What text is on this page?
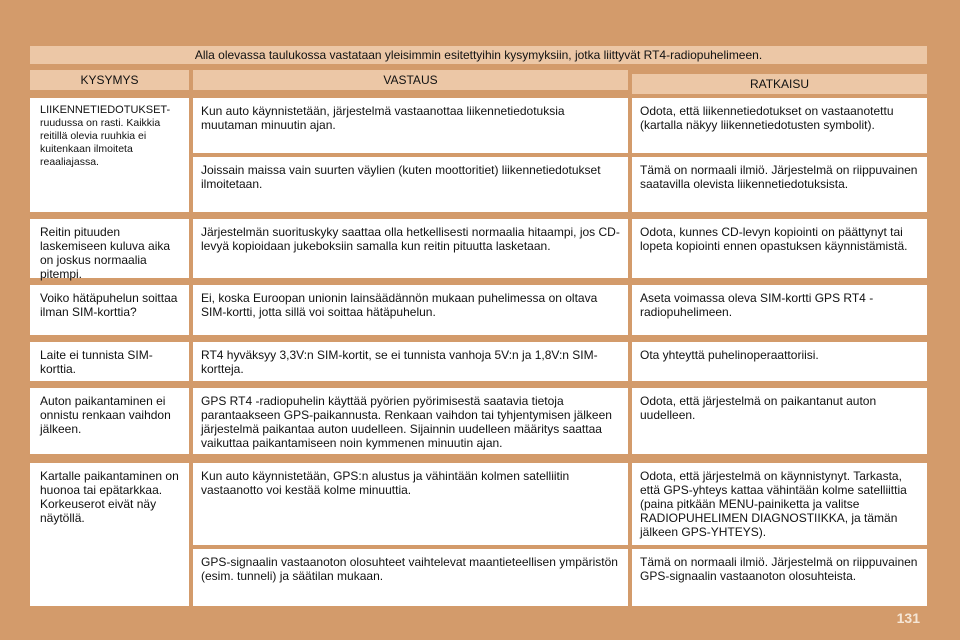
Alla olevassa taulukossa vastataan yleisimmin esitettyihin kysymyksiin, jotka liittyvät RT4-radiopuhelimeen.
KYSYMYS	VASTAUS	RATKAISU
LIIKENNETIEDOTUKSET-
ruudussa on rasti. Kaikkia reitillä olevia ruuhkia ei kuitenkaan ilmoiteta reaaliajassa.
Kun auto käynnistetään, järjestelmä vastaanottaa liikennetiedotuksia muutaman minuutin ajan.
Odota, että liikennetiedotukset on vastaanotettu (kartalla näkyy liikennetiedotusten symbolit).
Joissain maissa vain suurten väylien (kuten moottoritiet) liikennetiedotukset ilmoitetaan.
Tämä on normaali ilmiö. Järjestelmä on riippuvainen saatavilla olevista liikennetiedotuksista.
Reitin pituuden laskemiseen kuluva aika on joskus normaalia pitempi.
Järjestelmän suorituskyky saattaa olla hetkellisesti normaalia hitaampi, jos CD-levyä kopioidaan jukeboksiin samalla kun reitin pituutta lasketaan.
Odota, kunnes CD-levyn kopiointi on päättynyt tai lopeta kopiointi ennen opastuksen käynnistämistä.
Voiko hätäpuhelun soittaa ilman SIM-korttia?
Ei, koska Euroopan unionin lainsäädännön mukaan puhelimessa on oltava SIM-kortti, jotta sillä voi soittaa hätäpuhelun.
Aseta voimassa oleva SIM-kortti GPS RT4 -radiopuhelimeen.
Laite ei tunnista SIM-korttia.
RT4 hyväksyy 3,3V:n SIM-kortit, se ei tunnista vanhoja 5V:n ja 1,8V:n SIM-kortteja.
Ota yhteyttä puhelinoperaattoriisi.
Auton paikantaminen ei onnistu renkaan vaihdon jälkeen.
GPS RT4 -radiopuhelin käyttää pyörien pyörimisestä saatavia tietoja parantaakseen GPS-paikannusta. Renkaan vaihdon tai tyhjentymisen jälkeen järjestelmä paikantaa auton uudelleen. Sijainnin uudelleen määritys saattaa vaikuttaa paikantamiseen noin kymmenen minuutin ajan.
Odota, että järjestelmä on paikantanut auton uudelleen.
Kartalle paikantaminen on huonoa tai epätarkkaa. Korkeuserot eivät näy näytöllä.
Kun auto käynnistetään, GPS:n alustus ja vähintään kolmen satelliitin vastaanotto voi kestää kolme minuuttia.
Odota, että järjestelmä on käynnistynyt. Tarkasta, että GPS-yhteys kattaa vähintään kolme satelliittia (paina pitkään MENU-painiketta ja valitse RADIOPUHELIMEN DIAGNOSTIIKKA, ja tämän jälkeen GPS-YHTEYS).
GPS-signaalin vastaanoton olosuhteet vaihtelevat maantieteellisen ympäristön (esim. tunneli) ja säätilan mukaan.
Tämä on normaali ilmiö. Järjestelmä on riippuvainen GPS-signaalin vastaanoton olosuhteista.
131
